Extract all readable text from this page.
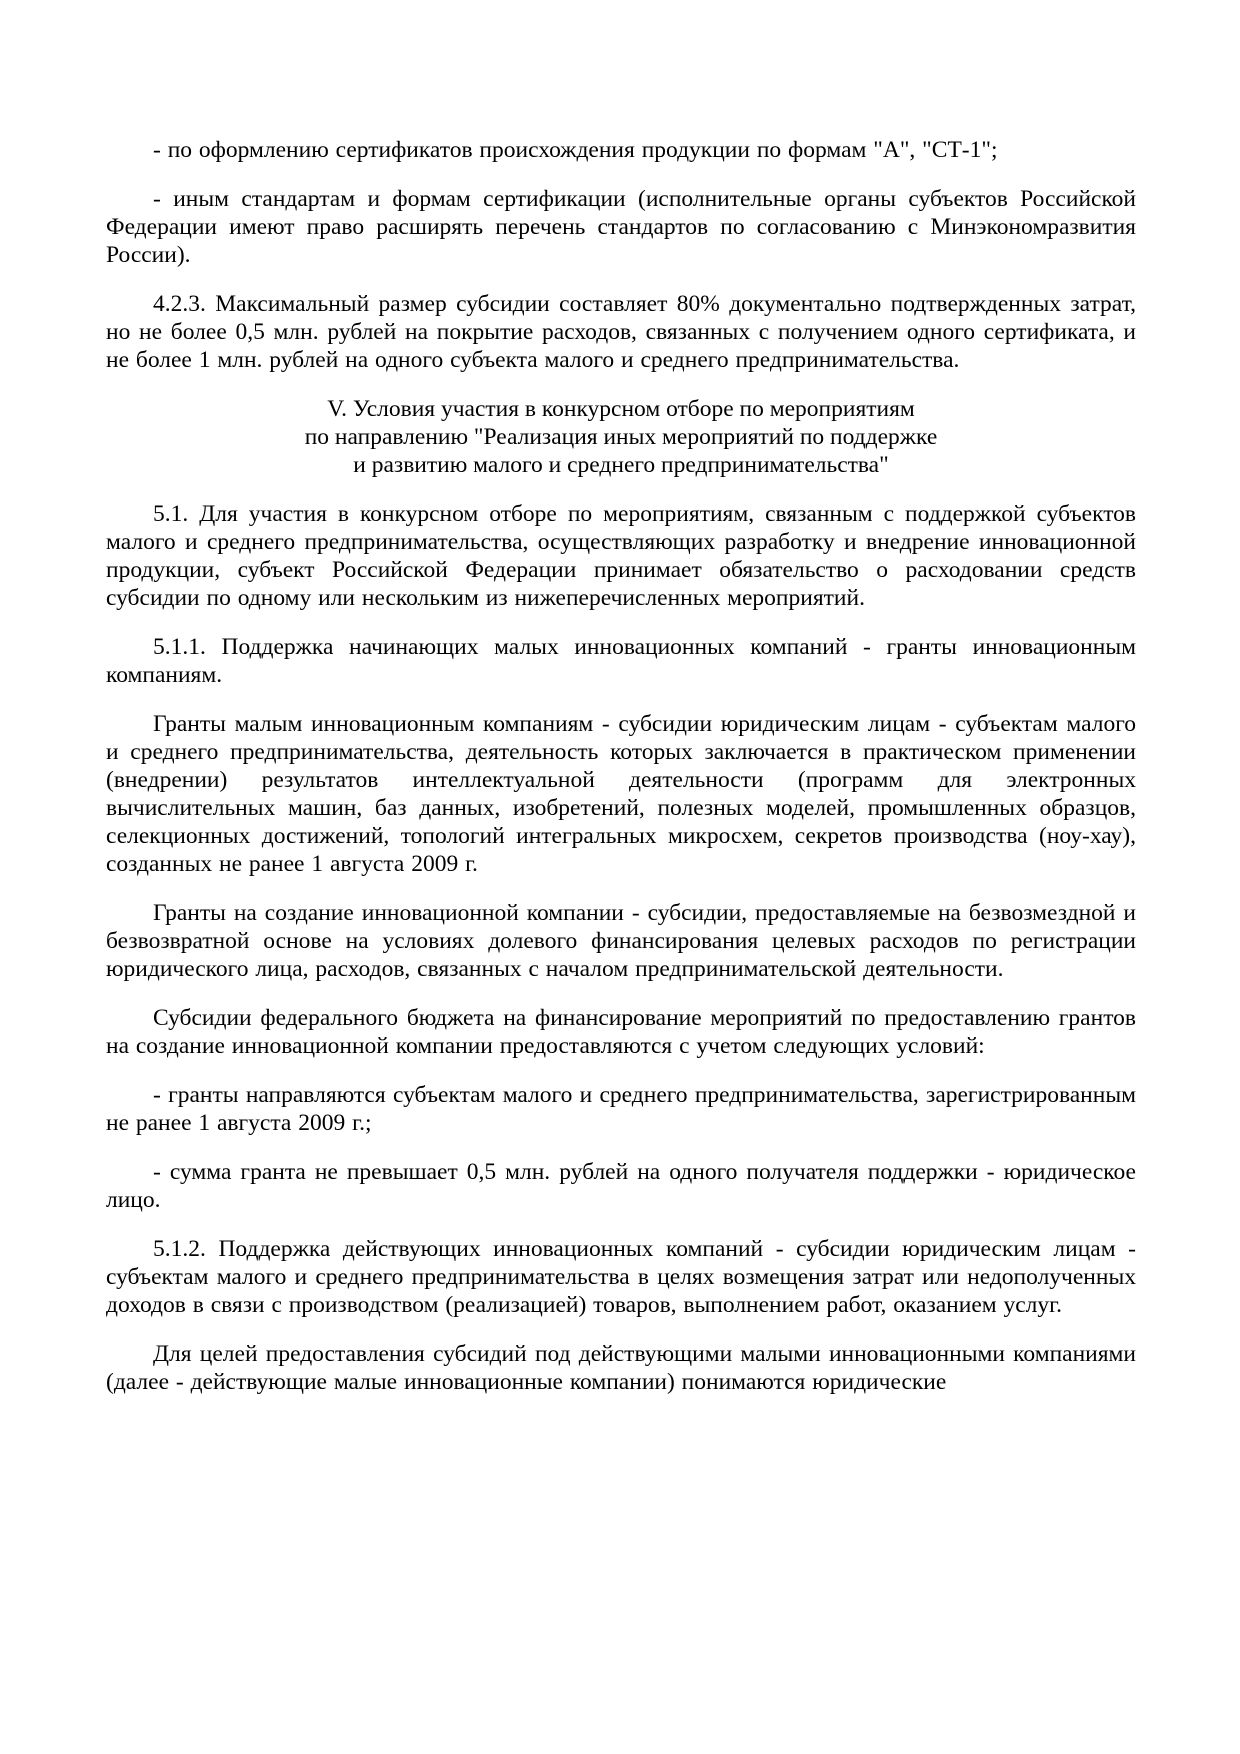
- по оформлению сертификатов происхождения продукции по формам "А", "СТ-1";

- иным стандартам и формам сертификации (исполнительные органы субъектов Российской Федерации имеют право расширять перечень стандартов по согласованию с Минэкономразвития России).

4.2.3. Максимальный размер субсидии составляет 80% документально подтвержденных затрат, но не более 0,5 млн. рублей на покрытие расходов, связанных с получением одного сертификата, и не более 1 млн. рублей на одного субъекта малого и среднего предпринимательства.

V. Условия участия в конкурсном отборе по мероприятиям
по направлению "Реализация иных мероприятий по поддержке
и развитию малого и среднего предпринимательства"

5.1. Для участия в конкурсном отборе по мероприятиям, связанным с поддержкой субъектов малого и среднего предпринимательства, осуществляющих разработку и внедрение инновационной продукции, субъект Российской Федерации принимает обязательство о расходовании средств субсидии по одному или нескольким из нижеперечисленных мероприятий.

5.1.1. Поддержка начинающих малых инновационных компаний - гранты инновационным компаниям.

Гранты малым инновационным компаниям - субсидии юридическим лицам - субъектам малого и среднего предпринимательства, деятельность которых заключается в практическом применении (внедрении) результатов интеллектуальной деятельности (программ для электронных вычислительных машин, баз данных, изобретений, полезных моделей, промышленных образцов, селекционных достижений, топологий интегральных микросхем, секретов производства (ноу-хау), созданных не ранее 1 августа 2009 г.

Гранты на создание инновационной компании - субсидии, предоставляемые на безвозмездной и безвозвратной основе на условиях долевого финансирования целевых расходов по регистрации юридического лица, расходов, связанных с началом предпринимательской деятельности.

Субсидии федерального бюджета на финансирование мероприятий по предоставлению грантов на создание инновационной компании предоставляются с учетом следующих условий:

- гранты направляются субъектам малого и среднего предпринимательства, зарегистрированным не ранее 1 августа 2009 г.;

- сумма гранта не превышает 0,5 млн. рублей на одного получателя поддержки - юридическое лицо.

5.1.2. Поддержка действующих инновационных компаний - субсидии юридическим лицам - субъектам малого и среднего предпринимательства в целях возмещения затрат или недополученных доходов в связи с производством (реализацией) товаров, выполнением работ, оказанием услуг.

Для целей предоставления субсидий под действующими малыми инновационными компаниями (далее - действующие малые инновационные компании) понимаются юридические
